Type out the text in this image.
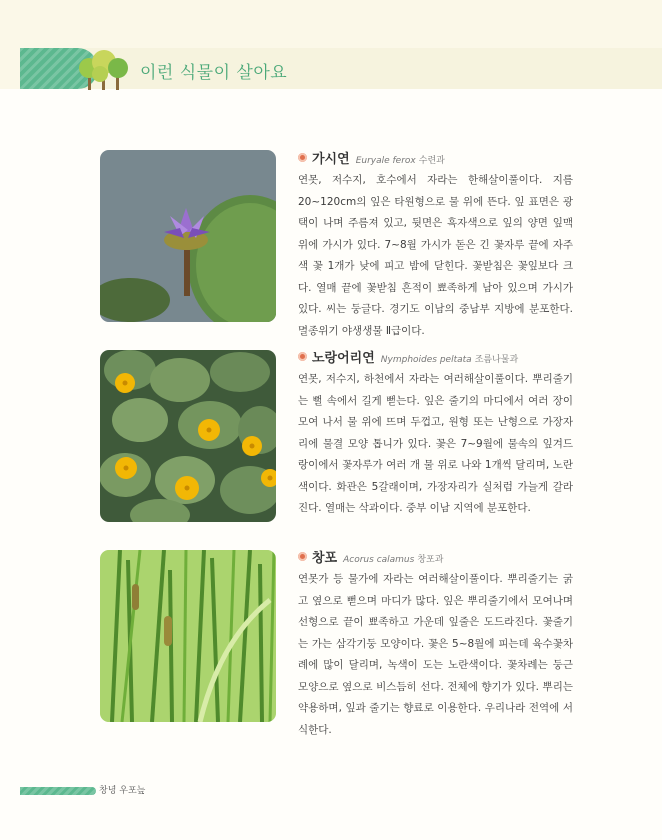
이런 식물이 살아요
가시연 Euryale ferox 수련과

연못, 저수지, 호수에서 자라는 한해살이풀이다. 지름 20~120cm의 잎은 타원형으로 물 위에 뜬다. 잎 표면은 광택이 나며 주름져 있고, 뒷면은 흑자색으로 잎의 양면 잎맥 위에 가시가 있다. 7~8월 가시가 돋은 긴 꽃자루 끝에 자주색 꽃 1개가 낮에 피고 밤에 닫힌다. 꽃받침은 꽃잎보다 크다. 열매 끝에 꽃받침 흔적이 뾰족하게 남아 있으며 가시가 있다. 씨는 둥글다. 경기도 이남의 중남부 지방에 분포한다. 멸종위기 야생생물 Ⅱ급이다.

노랑어리연 Nymphoides peltata 조름나물과

연못, 저수지, 하천에서 자라는 여러해살이풀이다. 뿌리줄기는 뻘 속에서 길게 뻗는다. 잎은 줄기의 마디에서 여러 장이 모여 나서 물 위에 뜨며 두껍고, 원형 또는 난형으로 가장자리에 물결 모양 톱니가 있다. 꽃은 7~9월에 물속의 잎겨드랑이에서 꽃자루가 여러 개 물 위로 나와 1개씩 달리며, 노란색이다. 화관은 5갈래이며, 가장자리가 실처럼 가늘게 갈라진다. 열매는 삭과이다. 중부 이남 지역에 분포한다.

창포 Acorus calamus 창포과

연못가 등 물가에 자라는 여러해살이풀이다. 뿌리줄기는 굵고 옆으로 뻗으며 마디가 많다. 잎은 뿌리줄기에서 모여나며 선형으로 끝이 뾰족하고 가운데 잎줄은 도드라진다. 꽃줄기는 가는 삼각기둥 모양이다. 꽃은 5~8월에 피는데 육수꽃차례에 많이 달리며, 녹색이 도는 노란색이다. 꽃차례는 둥근 모양으로 옆으로 비스듬히 선다. 전체에 향기가 있다. 뿌리는 약용하며, 잎과 줄기는 향료로 이용한다. 우리나라 전역에 서식한다.

창녕 우포늪
